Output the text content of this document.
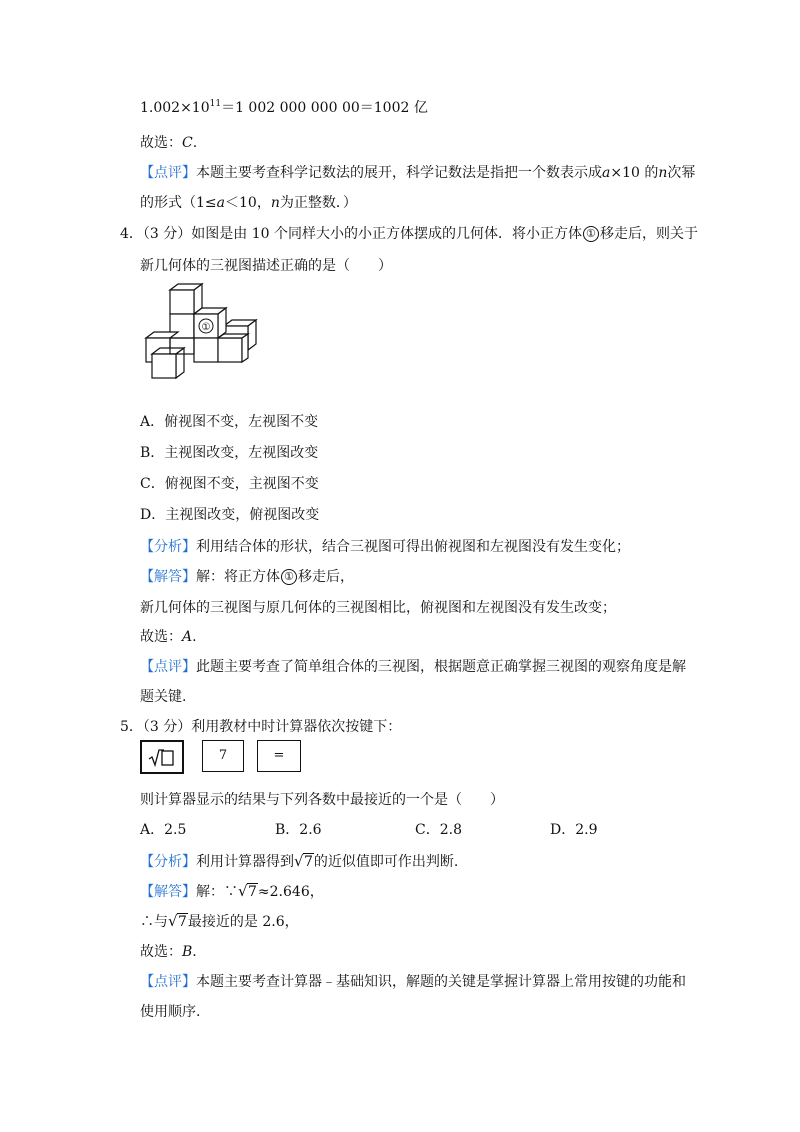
$1.002\times 10^{11}=1$ 002 000 000 00＝1002 亿
故选：C.
【点评】本题主要考查科学记数法的展开，科学记数法是指把一个数表示成a×10 的n次幂
的形式（1≤a＜10，n为正整数．）
4．（3 分）如图是由 10 个同样大小的小正方体摆成的几何体．将小正方体 ① 移走后，则关于
新几何体的三视图描述正确的是（　　）
①
A．俯视图不变，左视图不变
B．主视图改变，左视图改变
C．俯视图不变，主视图不变
D．主视图改变，俯视图改变
【分析】利用结合体的形状，结合三视图可得出俯视图和左视图没有发生变化；
【解答】解：将正方体 ① 移走后，
新几何体的三视图与原几何体的三视图相比，俯视图和左视图没有发生改变；
故选：A.
【点评】此题主要考查了简单组合体的三视图，根据题意正确掌握三视图的观察角度是解
题关键.
5．（3 分）利用教材中时计算器依次按键下：
7	=
则计算器显示的结果与下列各数中最接近的一个是（　　）
A．2.5	B．2.6	C．2.8	D．2.9
【分析】利用计算器得到 √ 7的近似值即可作出判断.
【解答】解：∵ √ 7≈2.646，
∴与 √ 7最接近的是 2.6，
故选：B.
【点评】本题主要考查计算器﹣基础知识，解题的关键是掌握计算器上常用按键的功能和
使用顺序.
